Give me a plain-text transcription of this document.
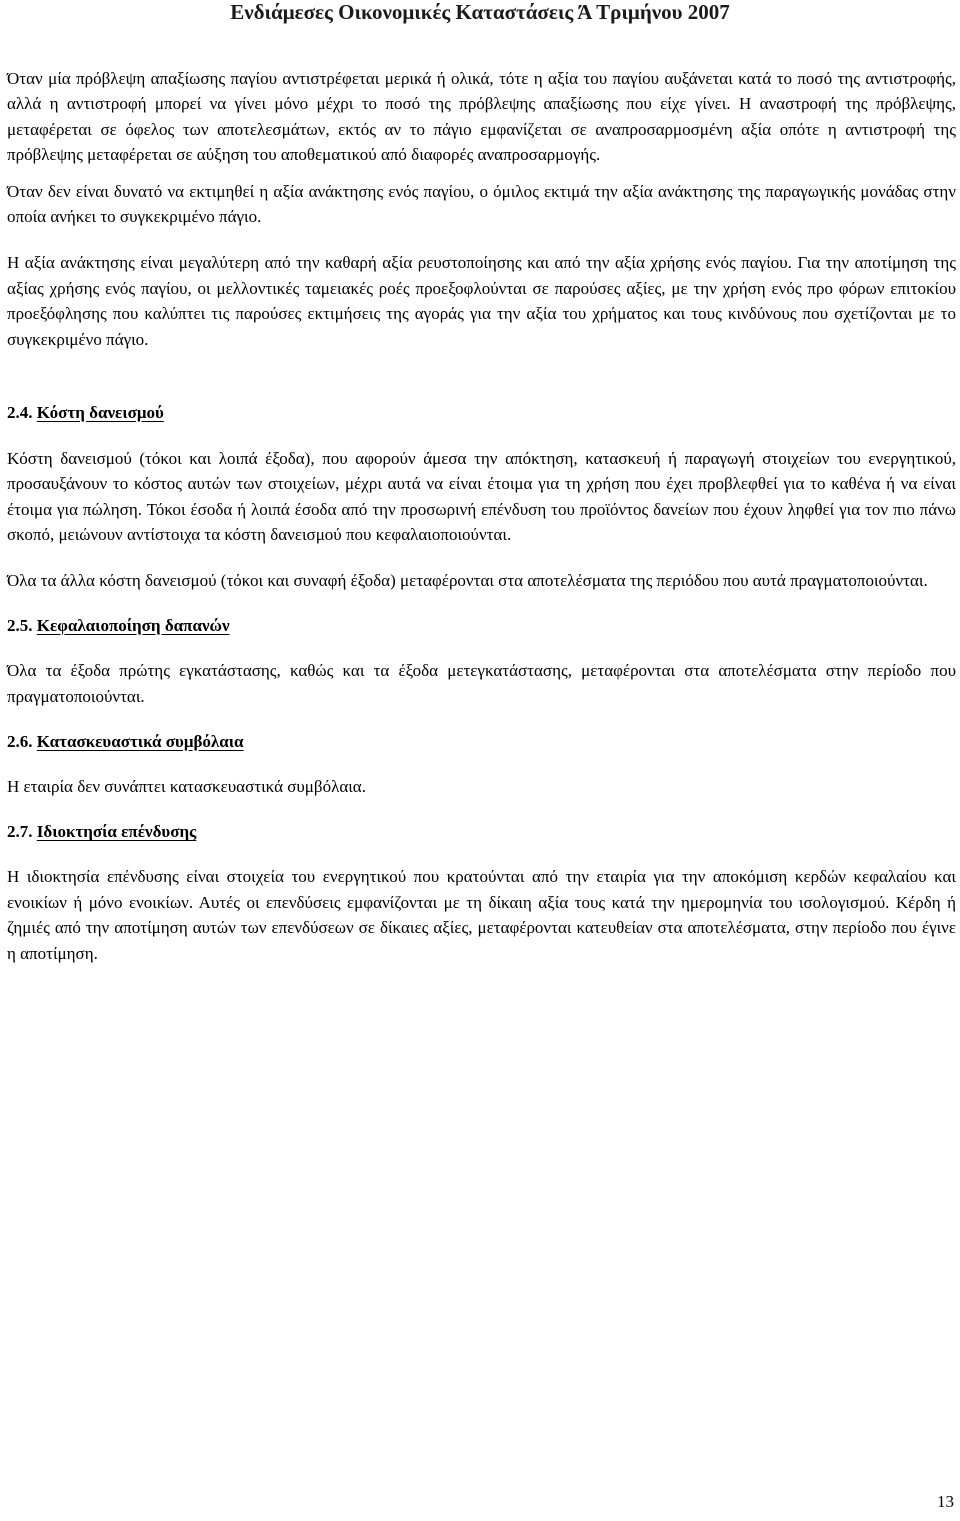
Ενδιάμεσες Οικονομικές Καταστάσεις Ά Τριμήνου 2007

Όταν μία πρόβλεψη απαξίωσης παγίου αντιστρέφεται μερικά ή ολικά, τότε η αξία του παγίου αυξάνεται κατά το ποσό της αντιστροφής, αλλά η αντιστροφή μπορεί να γίνει μόνο μέχρι το ποσό της πρόβλεψης απαξίωσης που είχε γίνει. Η αναστροφή της πρόβλεψης, μεταφέρεται σε όφελος των αποτελεσμάτων, εκτός αν το πάγιο εμφανίζεται σε αναπροσαρμοσμένη αξία οπότε η αντιστροφή της πρόβλεψης μεταφέρεται σε αύξηση του αποθεματικού από διαφορές αναπροσαρμογής.

Όταν δεν είναι δυνατό να εκτιμηθεί η αξία ανάκτησης ενός παγίου, ο όμιλος εκτιμά την αξία ανάκτησης της παραγωγικής μονάδας στην οποία ανήκει το συγκεκριμένο πάγιο.

Η αξία ανάκτησης είναι μεγαλύτερη από την καθαρή αξία ρευστοποίησης και από την αξία χρήσης ενός παγίου. Για την αποτίμηση της αξίας χρήσης ενός παγίου, οι μελλοντικές ταμειακές ροές προεξοφλούνται σε παρούσες αξίες, με την χρήση ενός προ φόρων επιτοκίου προεξόφλησης που καλύπτει τις παρούσες εκτιμήσεις της αγοράς για την αξία του χρήματος και τους κινδύνους που σχετίζονται με το συγκεκριμένο πάγιο.

2.4. Κόστη δανεισμού

Κόστη δανεισμού (τόκοι και λοιπά έξοδα), που αφορούν άμεσα την απόκτηση, κατασκευή ή παραγωγή στοιχείων του ενεργητικού, προσαυξάνουν το κόστος αυτών των στοιχείων, μέχρι αυτά να είναι έτοιμα για τη χρήση που έχει προβλεφθεί για το καθένα ή να είναι έτοιμα για πώληση. Τόκοι έσοδα ή λοιπά έσοδα από την προσωρινή επένδυση του προϊόντος δανείων που έχουν ληφθεί για τον πιο πάνω σκοπό, μειώνουν αντίστοιχα τα κόστη δανεισμού που κεφαλαιοποιούνται.

Όλα τα άλλα κόστη δανεισμού (τόκοι και συναφή έξοδα) μεταφέρονται στα αποτελέσματα της περιόδου που αυτά πραγματοποιούνται.

2.5. Κεφαλαιοποίηση δαπανών

Όλα τα έξοδα πρώτης εγκατάστασης, καθώς και τα έξοδα μετεγκατάστασης, μεταφέρονται στα αποτελέσματα στην περίοδο που πραγματοποιούνται.

2.6. Κατασκευαστικά συμβόλαια

Η εταιρία δεν συνάπτει κατασκευαστικά συμβόλαια.

2.7. Ιδιοκτησία επένδυσης

Η ιδιοκτησία επένδυσης είναι στοιχεία του ενεργητικού που κρατούνται από την εταιρία για την αποκόμιση κερδών κεφαλαίου και ενοικίων ή μόνο ενοικίων. Αυτές οι επενδύσεις εμφανίζονται με τη δίκαιη αξία τους κατά την ημερομηνία του ισολογισμού. Κέρδη ή ζημιές από την αποτίμηση αυτών των επενδύσεων σε δίκαιες αξίες, μεταφέρονται κατευθείαν στα αποτελέσματα, στην περίοδο που έγινε η αποτίμηση.

13
